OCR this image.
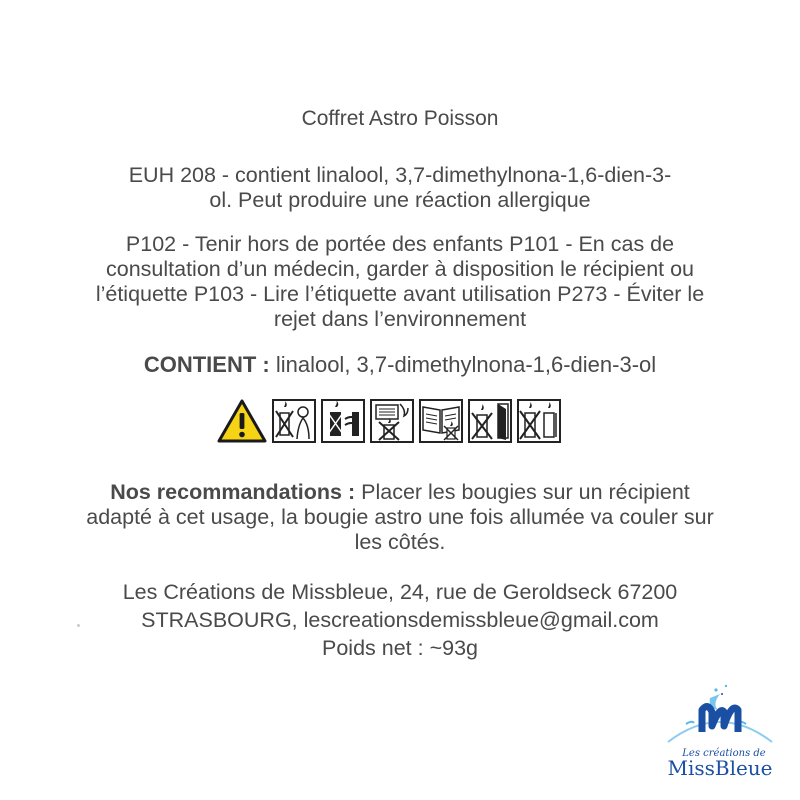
Coffret Astro Poisson
EUH 208 - contient linalool, 3,7-dimethylnona-1,6-dien-3-
ol. Peut produire une réaction allergique
P102 - Tenir hors de portée des enfants P101 - En cas de
consultation d’un médecin, garder à disposition le récipient ou
l’étiquette P103 - Lire l’étiquette avant utilisation P273 - Éviter le
rejet dans l’environnement
CONTIENT : linalool, 3,7-dimethylnona-1,6-dien-3-ol
Nos recommandations : Placer les bougies sur un récipient
adapté à cet usage, la bougie astro une fois allumée va couler sur
les côtés.
Les Créations de Missbleue, 24, rue de Geroldseck 67200
STRASBOURG, lescreationsdemissbleue@gmail.com
Poids net : ~93g
Les créations de
MissBleue
